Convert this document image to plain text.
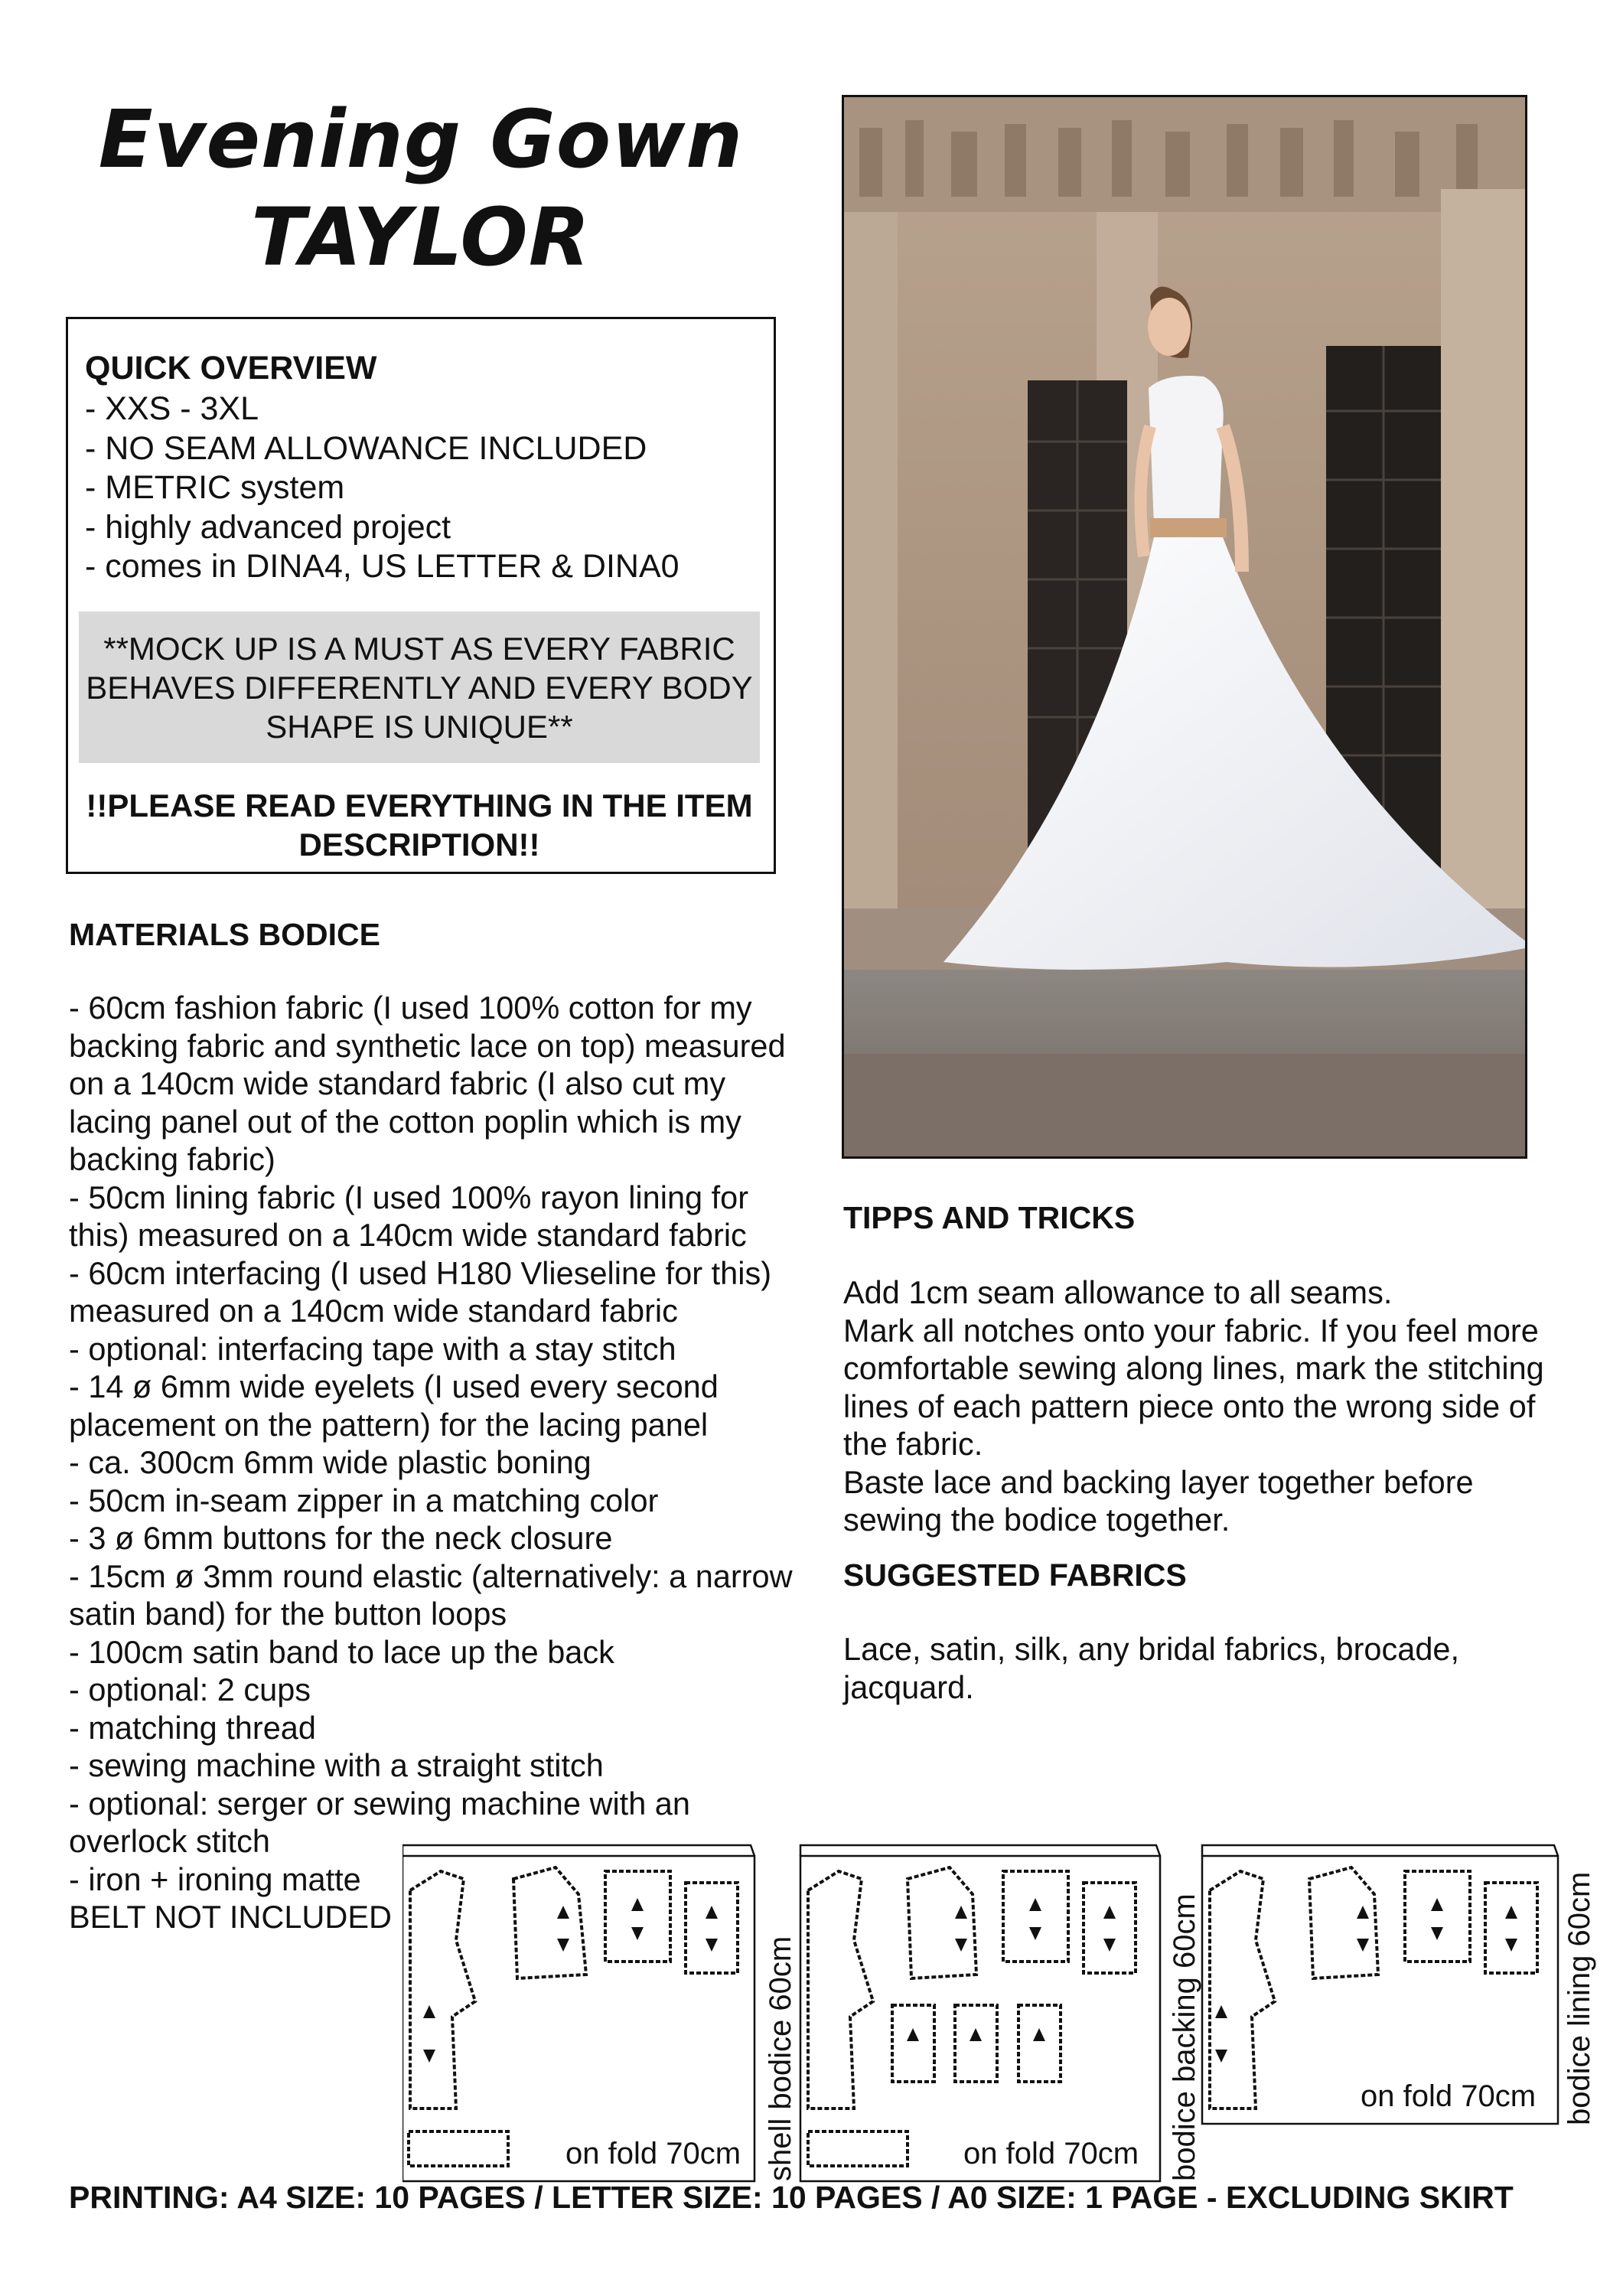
Evening Gown
TAYLOR
QUICK OVERVIEW
- XXS - 3XL
- NO SEAM ALLOWANCE INCLUDED
- METRIC system
- highly advanced project
- comes in DINA4, US LETTER & DINA0
**MOCK UP IS A MUST AS EVERY FABRIC BEHAVES DIFFERENTLY AND EVERY BODY SHAPE IS UNIQUE**
!!PLEASE READ EVERYTHING IN THE ITEM DESCRIPTION!!
MATERIALS BODICE
- 60cm fashion fabric (I used 100% cotton for my
backing fabric and synthetic lace on top) measured
on a 140cm wide standard fabric (I also cut my
lacing panel out of the cotton poplin which is my
backing fabric)
- 50cm lining fabric (I used 100% rayon lining for
this) measured on a 140cm wide standard fabric
- 60cm interfacing (I used H180 Vlieseline for this)
measured on a 140cm wide standard fabric
- optional: interfacing tape with a stay stitch
- 14 ø 6mm wide eyelets (I used every second
placement on the pattern) for the lacing panel
- ca. 300cm 6mm wide plastic boning
- 50cm in-seam zipper in a matching color
- 3 ø 6mm buttons for the neck closure
- 15cm ø 3mm round elastic (alternatively: a narrow
satin band) for the button loops
- 100cm satin band to lace up the back
- optional: 2 cups
- matching thread
- sewing machine with a straight stitch
- optional: serger or sewing machine with an
overlock stitch
- iron + ironing matte
BELT NOT INCLUDED
TIPPS AND TRICKS
Add 1cm seam allowance to all seams.
Mark all notches onto your fabric. If you feel more
comfortable sewing along lines, mark the stitching
lines of each pattern piece onto the wrong side of
the fabric.
Baste lace and backing layer together before
sewing the bodice together.
SUGGESTED FABRICS
Lace, satin, silk, any bridal fabrics, brocade,
jacquard.
on fold 70cm	on fold 70cm
on fold 70cm
shell bodice 60cm	bodice backing 60cm	bodice lining 60cm
PRINTING: A4 SIZE: 10 PAGES / LETTER SIZE: 10 PAGES / A0 SIZE: 1 PAGE - EXCLUDING SKIRT
